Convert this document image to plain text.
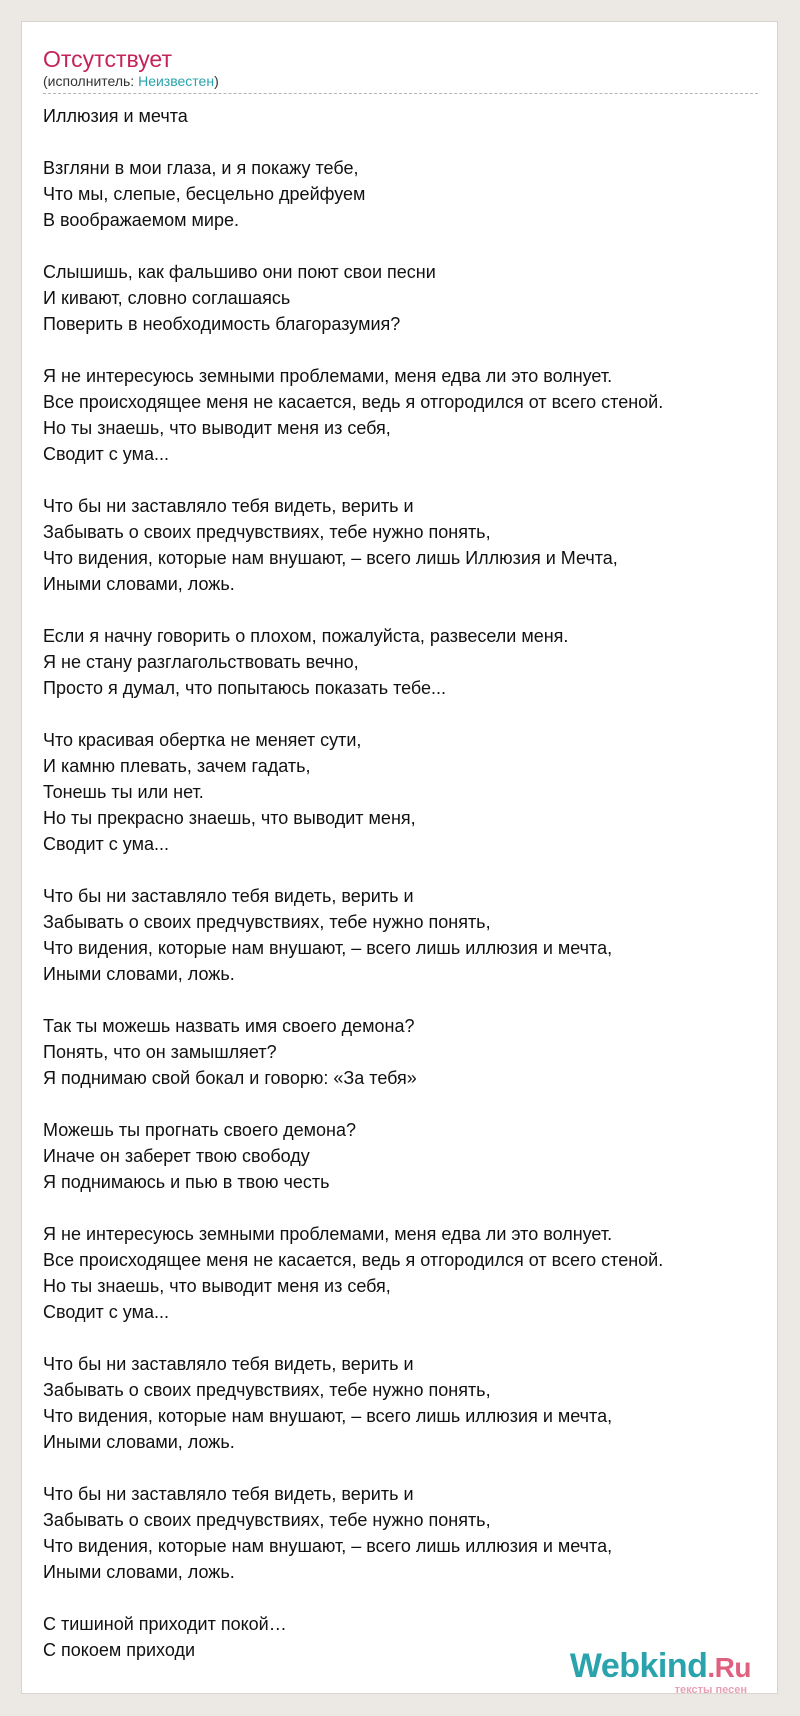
Отсутствует
(исполнитель: Неизвестен)
Иллюзия и мечта
Взгляни в мои глаза, и я покажу тебе,
Что мы, слепые, бесцельно дрейфуем
В воображаемом мире.
Слышишь, как фальшиво они поют свои песни
И кивают, словно соглашаясь
Поверить в необходимость благоразумия?
Я не интересуюсь земными проблемами, меня едва ли это волнует.
Все происходящее меня не касается, ведь я отгородился от всего стеной.
Но ты знаешь, что выводит меня из себя,
Сводит с ума...
Что бы ни заставляло тебя видеть, верить и
Забывать о своих предчувствиях, тебе нужно понять,
Что видения, которые нам внушают, – всего лишь Иллюзия и Мечта,
Иными словами, ложь.
Если я начну говорить о плохом, пожалуйста, развесели меня.
Я не стану разглагольствовать вечно,
Просто я думал, что попытаюсь показать тебе...
Что красивая обертка не меняет сути,
И камню плевать, зачем гадать,
Тонешь ты или нет.
Но ты прекрасно знаешь, что выводит меня,
Сводит с ума...
Что бы ни заставляло тебя видеть, верить и
Забывать о своих предчувствиях, тебе нужно понять,
Что видения, которые нам внушают, – всего лишь иллюзия и мечта,
Иными словами, ложь.
Так ты можешь назвать имя своего демона?
Понять, что он замышляет?
Я поднимаю свой бокал и говорю: «За тебя»
Можешь ты прогнать своего демона?
Иначе он заберет твою свободу
Я поднимаюсь и пью в твою честь
Я не интересуюсь земными проблемами, меня едва ли это волнует.
Все происходящее меня не касается, ведь я отгородился от всего стеной.
Но ты знаешь, что выводит меня из себя,
Сводит с ума...
Что бы ни заставляло тебя видеть, верить и
Забывать о своих предчувствиях, тебе нужно понять,
Что видения, которые нам внушают, – всего лишь иллюзия и мечта,
Иными словами, ложь.
Что бы ни заставляло тебя видеть, верить и
Забывать о своих предчувствиях, тебе нужно понять,
Что видения, которые нам внушают, – всего лишь иллюзия и мечта,
Иными словами, ложь.
С тишиной приходит покой…
С покоем приходи	Webkind.Ru
тексты песен
